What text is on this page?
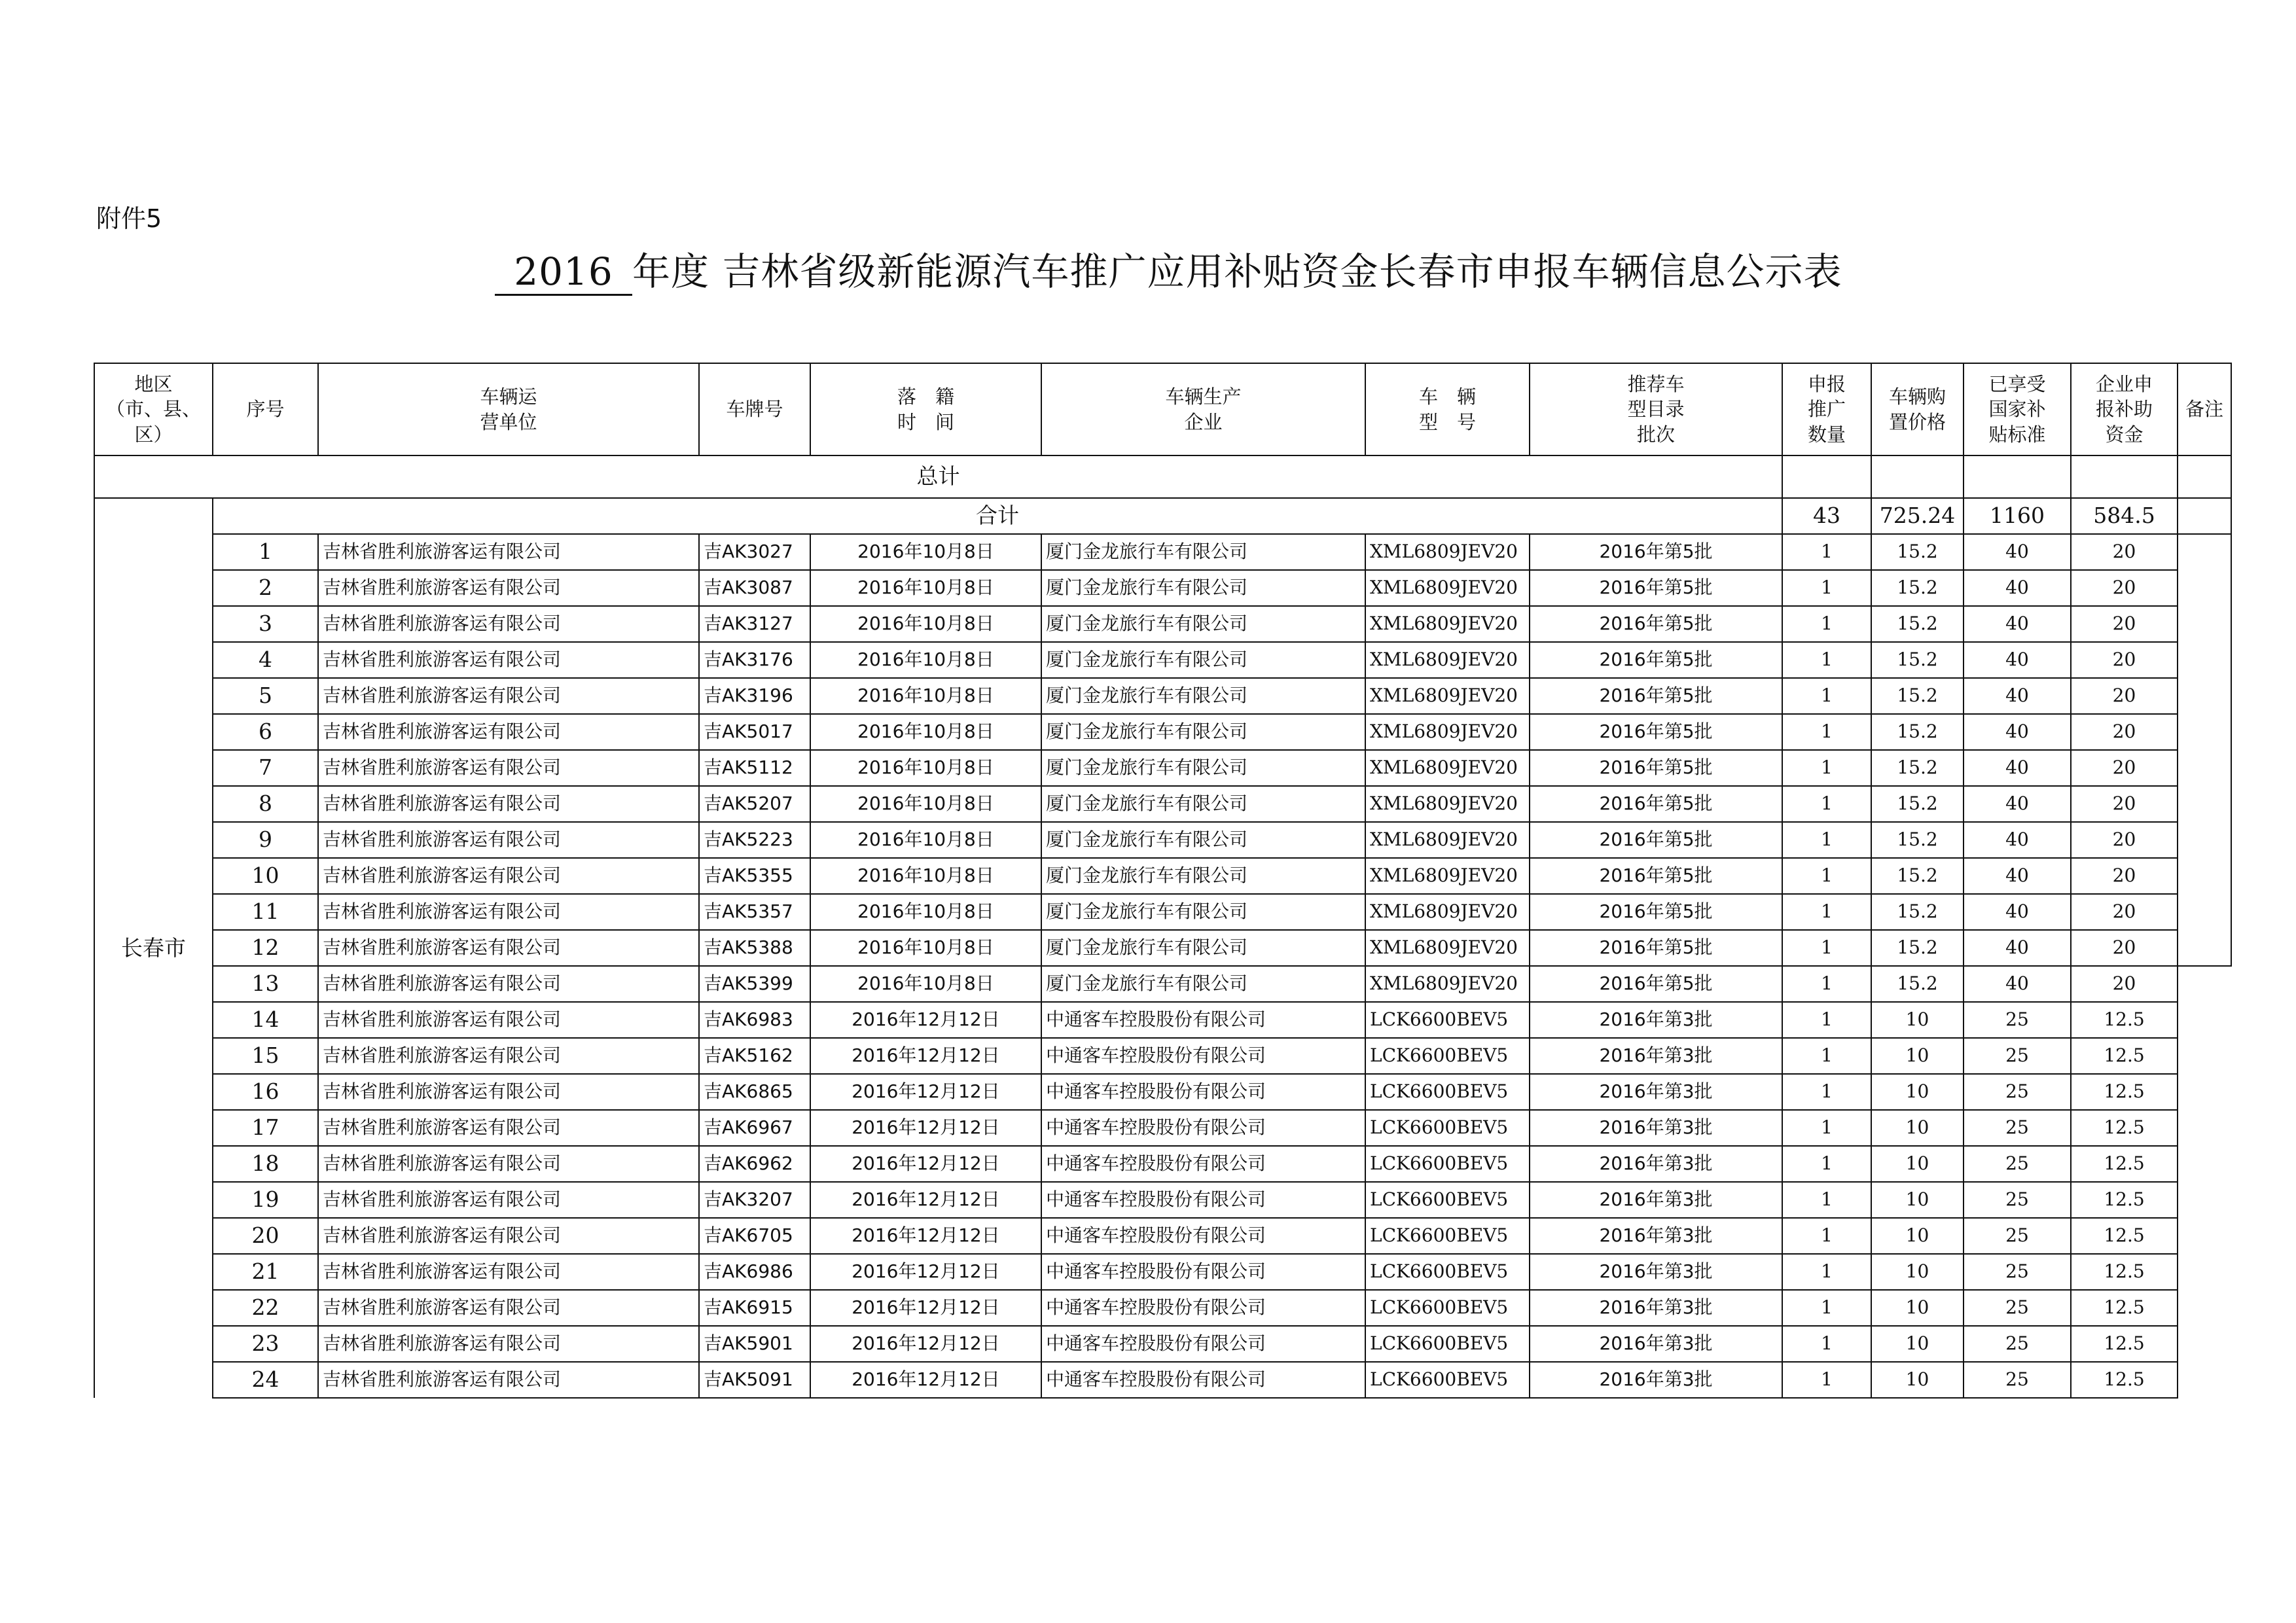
附件5
2016 年度 吉林省级新能源汽车推广应用补贴资金长春市申报车辆信息公示表
地区
（市、县、
区）	序号	车辆运
营单位	车牌号	落　籍
时　间	车辆生产
企业	车　辆
型　号	推荐车
型目录
批次	申报
推广
数量	车辆购
置价格	已享受
国家补
贴标准	企业申
报补助
资金	备注
总计												
长春市	合计							43	725.24	1160	584.5	
	1	吉林省胜利旅游客运有限公司	吉AK3027	2016年10月8日	厦门金龙旅行车有限公司	XML6809JEV20	2016年第5批	1	15.2	40	20	
	2	吉林省胜利旅游客运有限公司	吉AK3087	2016年10月8日	厦门金龙旅行车有限公司	XML6809JEV20	2016年第5批	1	15.2	40	20	
	3	吉林省胜利旅游客运有限公司	吉AK3127	2016年10月8日	厦门金龙旅行车有限公司	XML6809JEV20	2016年第5批	1	15.2	40	20	
	4	吉林省胜利旅游客运有限公司	吉AK3176	2016年10月8日	厦门金龙旅行车有限公司	XML6809JEV20	2016年第5批	1	15.2	40	20	
	5	吉林省胜利旅游客运有限公司	吉AK3196	2016年10月8日	厦门金龙旅行车有限公司	XML6809JEV20	2016年第5批	1	15.2	40	20	
	6	吉林省胜利旅游客运有限公司	吉AK5017	2016年10月8日	厦门金龙旅行车有限公司	XML6809JEV20	2016年第5批	1	15.2	40	20	
	7	吉林省胜利旅游客运有限公司	吉AK5112	2016年10月8日	厦门金龙旅行车有限公司	XML6809JEV20	2016年第5批	1	15.2	40	20	
	8	吉林省胜利旅游客运有限公司	吉AK5207	2016年10月8日	厦门金龙旅行车有限公司	XML6809JEV20	2016年第5批	1	15.2	40	20	
	9	吉林省胜利旅游客运有限公司	吉AK5223	2016年10月8日	厦门金龙旅行车有限公司	XML6809JEV20	2016年第5批	1	15.2	40	20	
	10	吉林省胜利旅游客运有限公司	吉AK5355	2016年10月8日	厦门金龙旅行车有限公司	XML6809JEV20	2016年第5批	1	15.2	40	20	
	11	吉林省胜利旅游客运有限公司	吉AK5357	2016年10月8日	厦门金龙旅行车有限公司	XML6809JEV20	2016年第5批	1	15.2	40	20	
	12	吉林省胜利旅游客运有限公司	吉AK5388	2016年10月8日	厦门金龙旅行车有限公司	XML6809JEV20	2016年第5批	1	15.2	40	20	
	13	吉林省胜利旅游客运有限公司	吉AK5399	2016年10月8日	厦门金龙旅行车有限公司	XML6809JEV20	2016年第5批	1	15.2	40	20	
	14	吉林省胜利旅游客运有限公司	吉AK6983	2016年12月12日	中通客车控股股份有限公司	LCK6600BEV5	2016年第3批	1	10	25	12.5	
	15	吉林省胜利旅游客运有限公司	吉AK5162	2016年12月12日	中通客车控股股份有限公司	LCK6600BEV5	2016年第3批	1	10	25	12.5	
	16	吉林省胜利旅游客运有限公司	吉AK6865	2016年12月12日	中通客车控股股份有限公司	LCK6600BEV5	2016年第3批	1	10	25	12.5	
	17	吉林省胜利旅游客运有限公司	吉AK6967	2016年12月12日	中通客车控股股份有限公司	LCK6600BEV5	2016年第3批	1	10	25	12.5	
	18	吉林省胜利旅游客运有限公司	吉AK6962	2016年12月12日	中通客车控股股份有限公司	LCK6600BEV5	2016年第3批	1	10	25	12.5	
	19	吉林省胜利旅游客运有限公司	吉AK3207	2016年12月12日	中通客车控股股份有限公司	LCK6600BEV5	2016年第3批	1	10	25	12.5	
	20	吉林省胜利旅游客运有限公司	吉AK6705	2016年12月12日	中通客车控股股份有限公司	LCK6600BEV5	2016年第3批	1	10	25	12.5	
	21	吉林省胜利旅游客运有限公司	吉AK6986	2016年12月12日	中通客车控股股份有限公司	LCK6600BEV5	2016年第3批	1	10	25	12.5	
	22	吉林省胜利旅游客运有限公司	吉AK6915	2016年12月12日	中通客车控股股份有限公司	LCK6600BEV5	2016年第3批	1	10	25	12.5	
	23	吉林省胜利旅游客运有限公司	吉AK5901	2016年12月12日	中通客车控股股份有限公司	LCK6600BEV5	2016年第3批	1	10	25	12.5	
	24	吉林省胜利旅游客运有限公司	吉AK5091	2016年12月12日	中通客车控股股份有限公司	LCK6600BEV5	2016年第3批	1	10	25	12.5	
